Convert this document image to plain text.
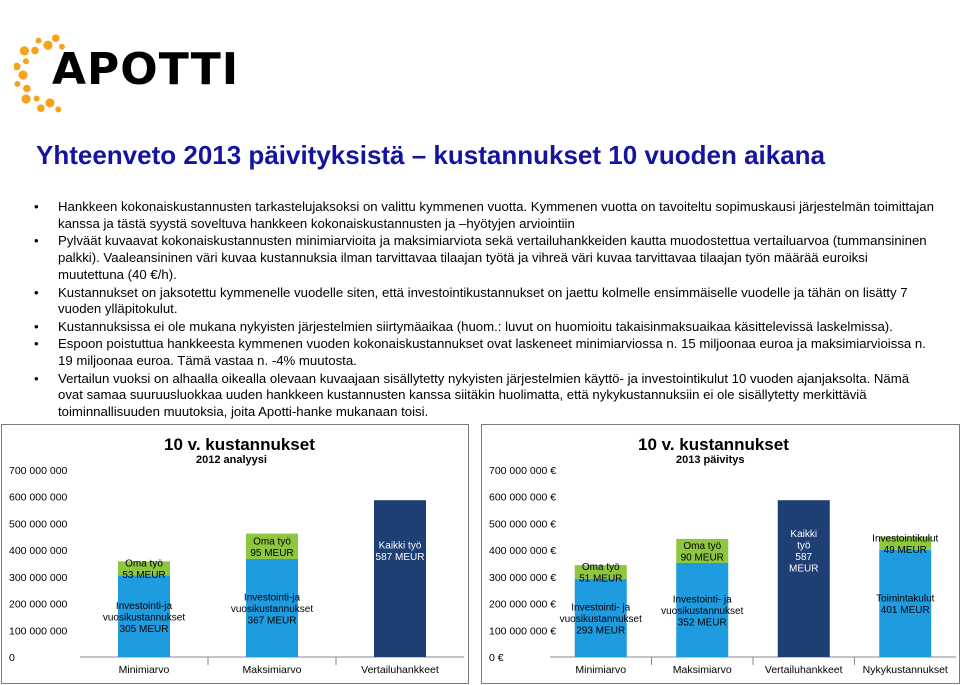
APOTTI
Yhteenveto 2013 päivityksistä – kustannukset 10 vuoden aikana
• Hankkeen kokonaiskustannusten tarkastelujaksoksi on valittu kymmenen vuotta. Kymmenen vuotta on tavoiteltu sopimuskausi järjestelmän toimittajan kanssa ja tästä syystä soveltuva hankkeen kokonaiskustannusten ja –hyötyjen arviointiin
• Pylväät kuvaavat kokonaiskustannusten minimiarvioita ja maksimiarviota sekä vertailuhankkeiden kautta muodostettua vertailuarvoa (tummansininen palkki). Vaaleansininen väri kuvaa kustannuksia ilman tarvittavaa tilaajan työtä ja vihreä väri kuvaa tarvittavaa tilaajan työn määrää euroiksi muutettuna (40 €/h).
• Kustannukset on jaksotettu kymmenelle vuodelle siten, että investointikustannukset on jaettu kolmelle ensimmäiselle vuodelle ja tähän on lisätty 7 vuoden ylläpitokulut.
• Kustannuksissa ei ole mukana nykyisten järjestelmien siirtymäaikaa (huom.: luvut on huomioitu takaisinmaksuaikaa käsittelevissä laskelmissa).
• Espoon poistuttua hankkeesta kymmenen vuoden kokonaiskustannukset ovat laskeneet minimiarviossa n. 15 miljoonaa euroa ja maksimiarvioissa n. 19 miljoonaa euroa. Tämä vastaa n. -4% muutosta.
• Vertailun vuoksi on alhaalla oikealla olevaan kuvaajaan sisällytetty nykyisten järjestelmien käyttö- ja investointikulut 10 vuoden ajanjaksolta. Nämä ovat samaa suuruusluokkaa uuden hankkeen kustannusten kanssa siitäkin huolimatta, että nykykustannuksiin ei ole sisällytetty merkittäviä toiminnallisuuden muutoksia, joita Apotti-hanke mukanaan toisi.
0
100 000 000
200 000 000
300 000 000
400 000 000
500 000 000
600 000 000
700 000 000
Minimiarvo
Investointi-ja vuosikustannukset 305 MEUR
Oma työ 53 MEUR
Maksimiarvo
Investointi-ja vuosikustannukset 367 MEUR
Oma työ 95 MEUR
Vertailuhankkeet
Kaikki työ 587 MEUR
10 v. kustannukset
2012 analyysi
0 €
100 000 000 €
200 000 000 €
300 000 000 €
400 000 000 €
500 000 000 €
600 000 000 €
700 000 000 €
Minimiarvo
Investointi- ja vuosikustannukset 293 MEUR
Oma työ 51 MEUR
Maksimiarvo
Investointi- ja vuosikustannukset 352 MEUR
Oma työ 90 MEUR
Vertailuhankkeet
Kaikki työ 587 MEUR
Nykykustannukset
Toimintakulut 401 MEUR
Investointikulut 49 MEUR
10 v. kustannukset
2013 päivitys
